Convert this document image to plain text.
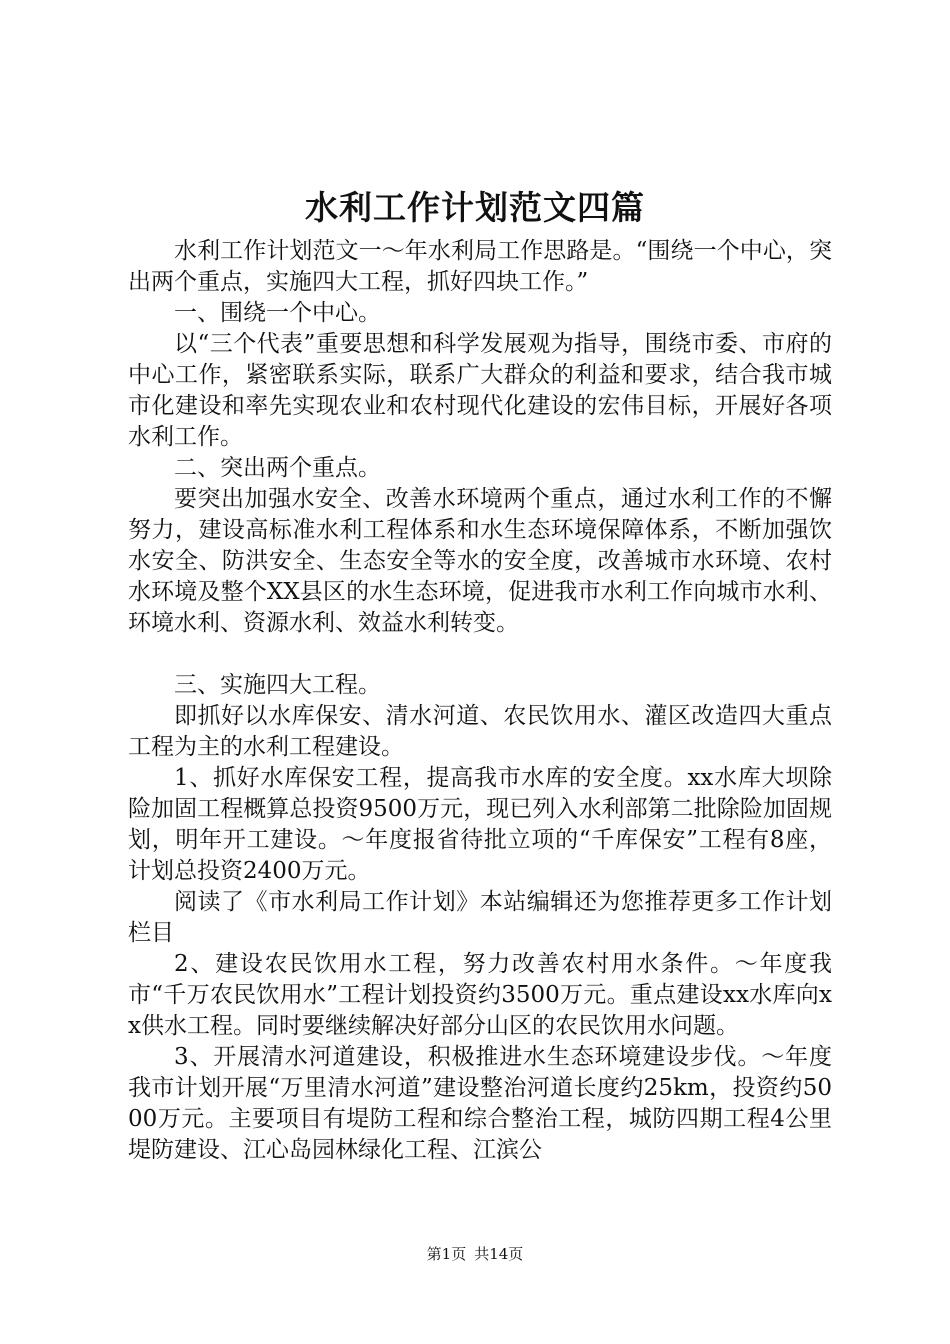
水利工作计划范文四篇

水利工作计划范文一～年水利局工作思路是。“围绕一个中心，突出两个重点，实施四大工程，抓好四块工作。”

一、围绕一个中心。

以“三个代表”重要思想和科学发展观为指导，围绕市委、市府的中心工作，紧密联系实际，联系广大群众的利益和要求，结合我市城市化建设和率先实现农业和农村现代化建设的宏伟目标，开展好各项水利工作。

二、突出两个重点。

要突出加强水安全、改善水环境两个重点，通过水利工作的不懈努力，建设高标准水利工程体系和水生态环境保障体系，不断加强饮水安全、防洪安全、生态安全等水的安全度，改善城市水环境、农村水环境及整个XX县区的水生态环境，促进我市水利工作向城市水利、环境水利、资源水利、效益水利转变。

三、实施四大工程。

即抓好以水库保安、清水河道、农民饮用水、灌区改造四大重点工程为主的水利工程建设。

1、抓好水库保安工程，提高我市水库的安全度。xx水库大坝除险加固工程概算总投资9500万元，现已列入水利部第二批除险加固规划，明年开工建设。～年度报省待批立项的“千库保安”工程有8座，计划总投资2400万元。

阅读了《市水利局工作计划》本站编辑还为您推荐更多工作计划栏目

2、建设农民饮用水工程，努力改善农村用水条件。～年度我市“千万农民饮用水”工程计划投资约3500万元。重点建设xx水库向xx供水工程。同时要继续解决好部分山区的农民饮用水问题。

3、开展清水河道建设，积极推进水生态环境建设步伐。～年度我市计划开展“万里清水河道”建设整治河道长度约25km，投资约5000万元。主要项目有堤防工程和综合整治工程，城防四期工程4公里堤防建设、江心岛园林绿化工程、江滨公

第1页 共14页
